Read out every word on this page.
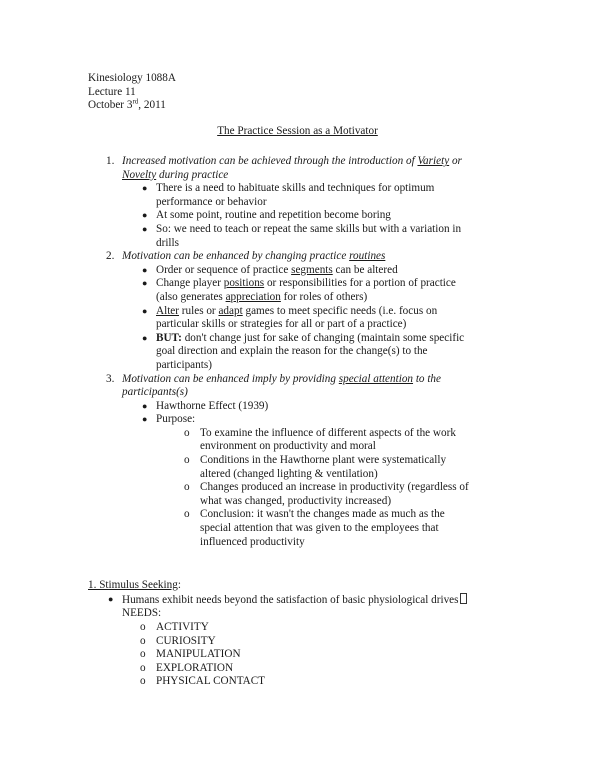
Kinesiology 1088A
Lecture 11
October 3rd, 2011
The Practice Session as a Motivator
1. Increased motivation can be achieved through the introduction of Variety or
Novelty during practice
● There is a need to habituate skills and techniques for optimum
performance or behavior
● At some point, routine and repetition become boring
● So: we need to teach or repeat the same skills but with a variation in
drills
2. Motivation can be enhanced by changing practice routines
● Order or sequence of practice segments can be altered
● Change player positions or responsibilities for a portion of practice
(also generates appreciation for roles of others)
● Alter rules or adapt games to meet specific needs (i.e. focus on
particular skills or strategies for all or part of a practice)
● BUT: don't change just for sake of changing (maintain some specific
goal direction and explain the reason for the change(s) to the
participants)
3. Motivation can be enhanced imply by providing special attention to the
participants(s)
● Hawthorne Effect (1939)
● Purpose:
o To examine the influence of different aspects of the work
environment on productivity and moral
o Conditions in the Hawthorne plant were systematically
altered (changed lighting & ventilation)
o Changes produced an increase in productivity (regardless of
what was changed, productivity increased)
o Conclusion: it wasn't the changes made as much as the
special attention that was given to the employees that
influenced productivity
1. Stimulus Seeking:
● Humans exhibit needs beyond the satisfaction of basic physiological drives
NEEDS:
o ACTIVITY
o CURIOSITY
o MANIPULATION
o EXPLORATION
o PHYSICAL CONTACT
